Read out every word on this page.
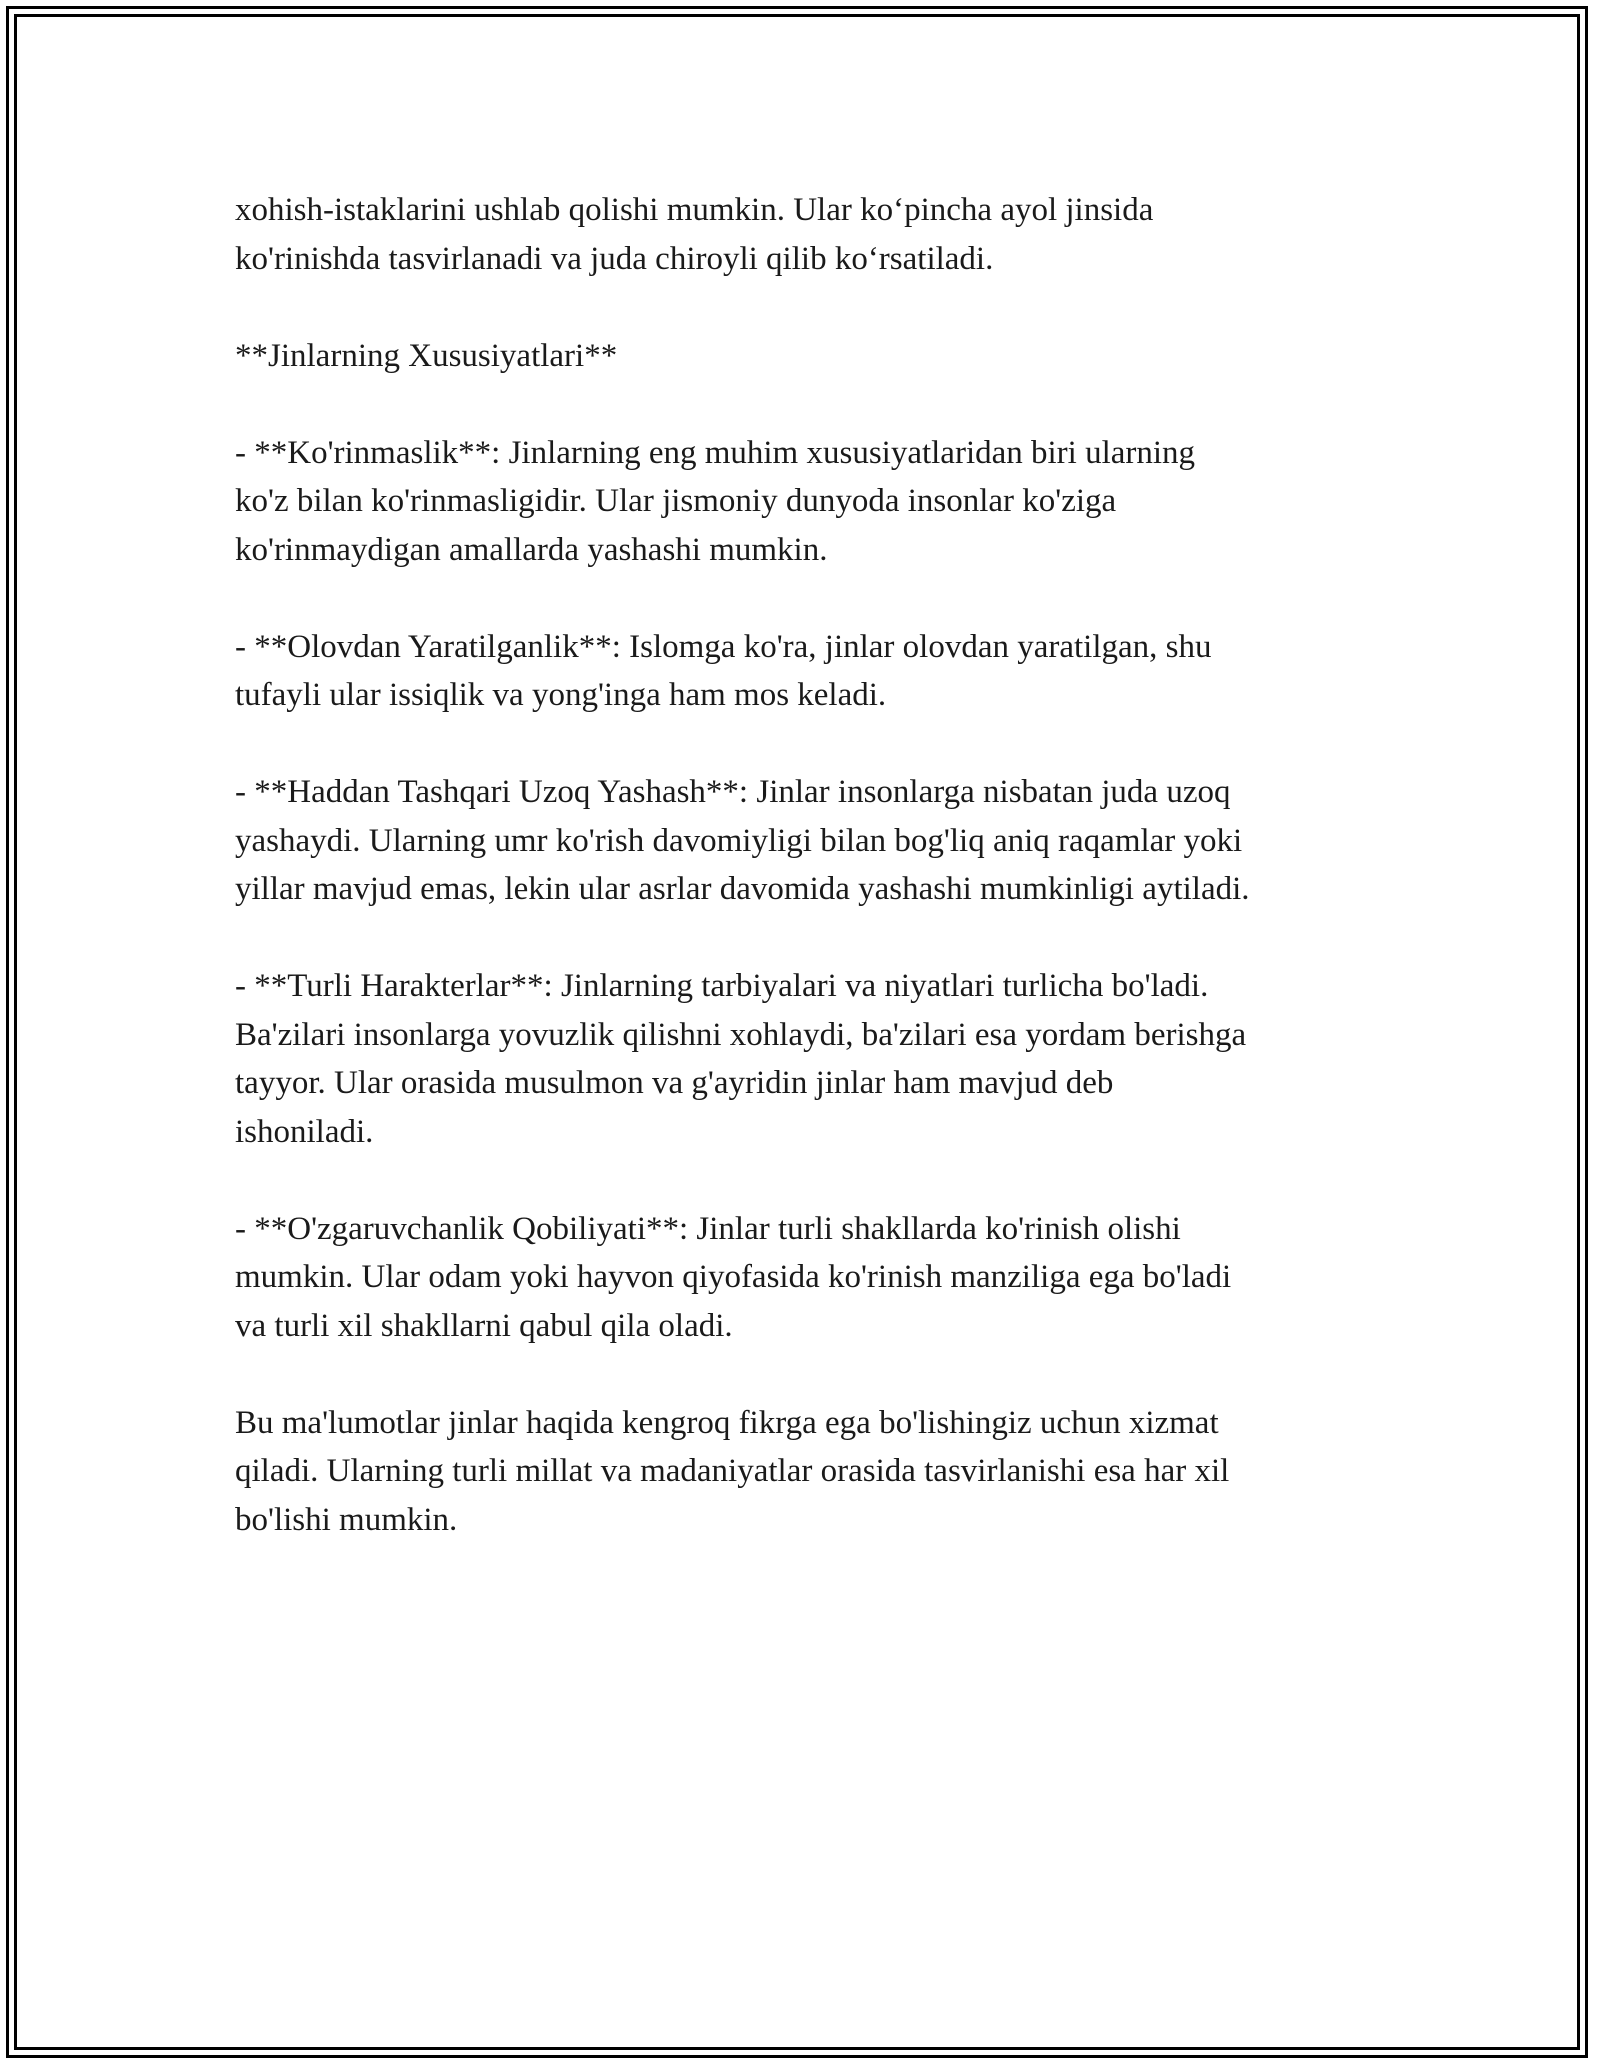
xohish-istaklarini ushlab qolishi mumkin. Ular ko‘pincha ayol jinsida
ko'rinishda tasvirlanadi va juda chiroyli qilib ko‘rsatiladi.

**Jinlarning Xususiyatlari**

- **Ko'rinmaslik**: Jinlarning eng muhim xususiyatlaridan biri ularning
ko'z bilan ko'rinmasligidir. Ular jismoniy dunyoda insonlar ko'ziga
ko'rinmaydigan amallarda yashashi mumkin.

- **Olovdan Yaratilganlik**: Islomga ko'ra, jinlar olovdan yaratilgan, shu
tufayli ular issiqlik va yong'inga ham mos keladi.

- **Haddan Tashqari Uzoq Yashash**: Jinlar insonlarga nisbatan juda uzoq
yashaydi. Ularning umr ko'rish davomiyligi bilan bog'liq aniq raqamlar yoki
yillar mavjud emas, lekin ular asrlar davomida yashashi mumkinligi aytiladi.

- **Turli Harakterlar**: Jinlarning tarbiyalari va niyatlari turlicha bo'ladi.
Ba'zilari insonlarga yovuzlik qilishni xohlaydi, ba'zilari esa yordam berishga
tayyor. Ular orasida musulmon va g'ayridin jinlar ham mavjud deb
ishoniladi.

- **O'zgaruvchanlik Qobiliyati**: Jinlar turli shakllarda ko'rinish olishi
mumkin. Ular odam yoki hayvon qiyofasida ko'rinish manziliga ega bo'ladi
va turli xil shakllarni qabul qila oladi.

Bu ma'lumotlar jinlar haqida kengroq fikrga ega bo'lishingiz uchun xizmat
qiladi. Ularning turli millat va madaniyatlar orasida tasvirlanishi esa har xil
bo'lishi mumkin.
